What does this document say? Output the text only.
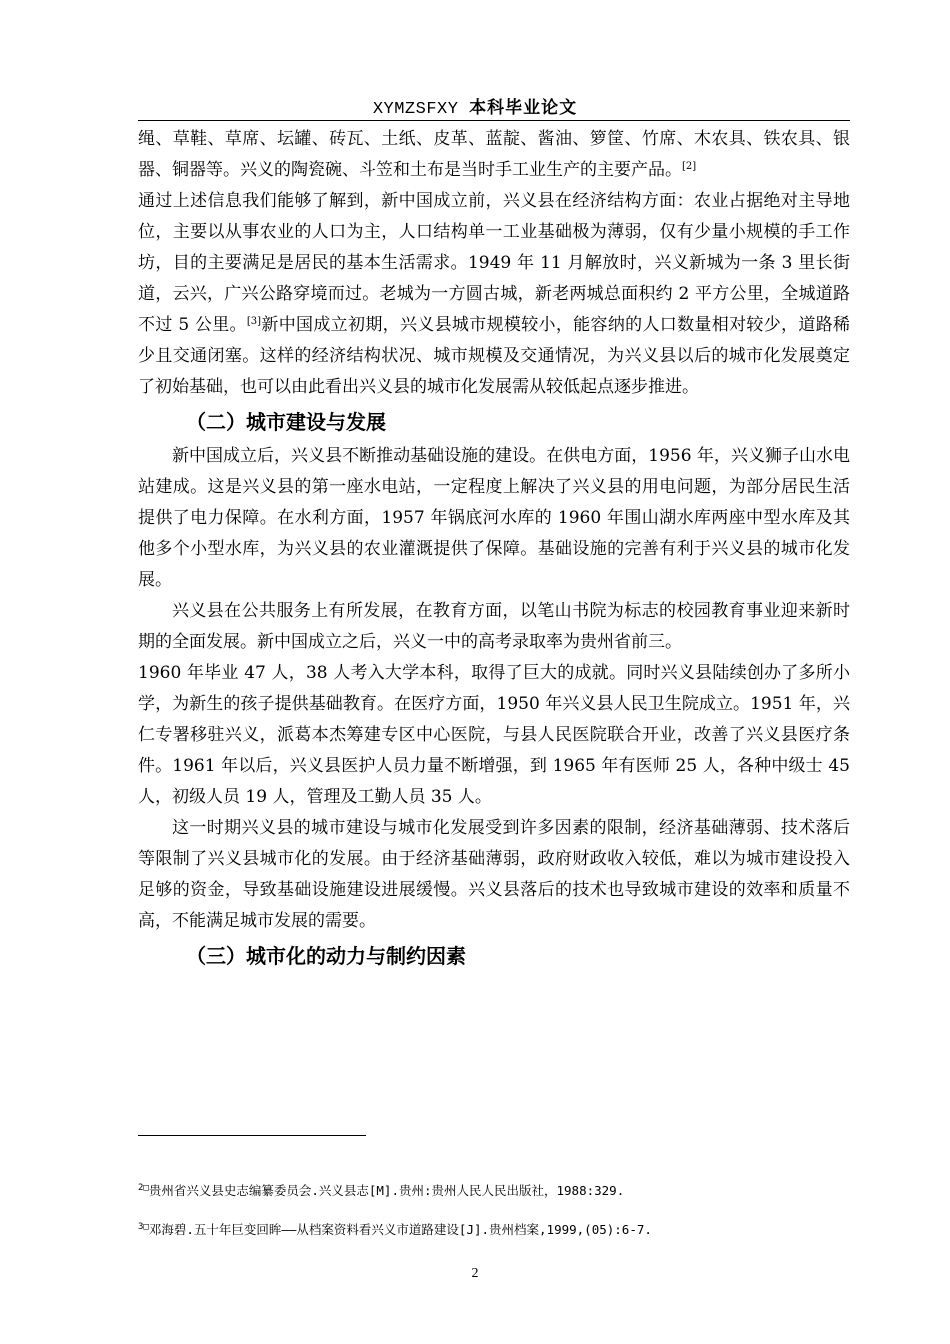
XYMZSFXY 本科毕业论文

绳、草鞋、草席、坛罐、砖瓦、土纸、皮革、蓝靛、酱油、箩筐、竹席、木农具、铁农具、银器、铜器等。兴义的陶瓷碗、斗笠和土布是当时手工业生产的主要产品。[2]

通过上述信息我们能够了解到，新中国成立前，兴义县在经济结构方面：农业占据绝对主导地位，主要以从事农业的人口为主，人口结构单一工业基础极为薄弱，仅有少量小规模的手工作坊，目的主要满足是居民的基本生活需求。1949 年 11 月解放时，兴义新城为一条 3 里长街道，云兴，广兴公路穿境而过。老城为一方圆古城，新老两城总面积约 2 平方公里，全城道路不过 5 公里。[3]新中国成立初期，兴义县城市规模较小，能容纳的人口数量相对较少，道路稀少且交通闭塞。这样的经济结构状况、城市规模及交通情况，为兴义县以后的城市化发展奠定了初始基础，也可以由此看出兴义县的城市化发展需从较低起点逐步推进。

（二）城市建设与发展

新中国成立后，兴义县不断推动基础设施的建设。在供电方面，1956 年，兴义狮子山水电站建成。这是兴义县的第一座水电站，一定程度上解决了兴义县的用电问题，为部分居民生活提供了电力保障。在水利方面，1957 年锅底河水库的 1960 年围山湖水库两座中型水库及其他多个小型水库，为兴义县的农业灌溉提供了保障。基础设施的完善有利于兴义县的城市化发展。

兴义县在公共服务上有所发展，在教育方面，以笔山书院为标志的校园教育事业迎来新时期的全面发展。新中国成立之后，兴义一中的高考录取率为贵州省前三。

1960 年毕业 47 人，38 人考入大学本科，取得了巨大的成就。同时兴义县陆续创办了多所小学，为新生的孩子提供基础教育。在医疗方面，1950 年兴义县人民卫生院成立。1951 年，兴仁专署移驻兴义，派葛本杰筹建专区中心医院，与县人民医院联合开业，改善了兴义县医疗条件。1961 年以后，兴义县医护人员力量不断增强，到 1965 年有医师 25 人，各种中级士 45 人，初级人员 19 人，管理及工勤人员 35 人。

这一时期兴义县的城市建设与城市化发展受到许多因素的限制，经济基础薄弱、技术落后等限制了兴义县城市化的发展。由于经济基础薄弱，政府财政收入较低，难以为城市建设投入足够的资金，导致基础设施建设进展缓慢。兴义县落后的技术也导致城市建设的效率和质量不高，不能满足城市发展的需要。

（三）城市化的动力与制约因素

$^{2□}$贵州省兴义县史志编纂委员会.兴义县志[M].贵州:贵州人民人民出版社，1988:329.

$^{3□}$邓海碧.五十年巨变回眸——从档案资料看兴义市道路建设[J].贵州档案,1999,(05):6-7.

2
